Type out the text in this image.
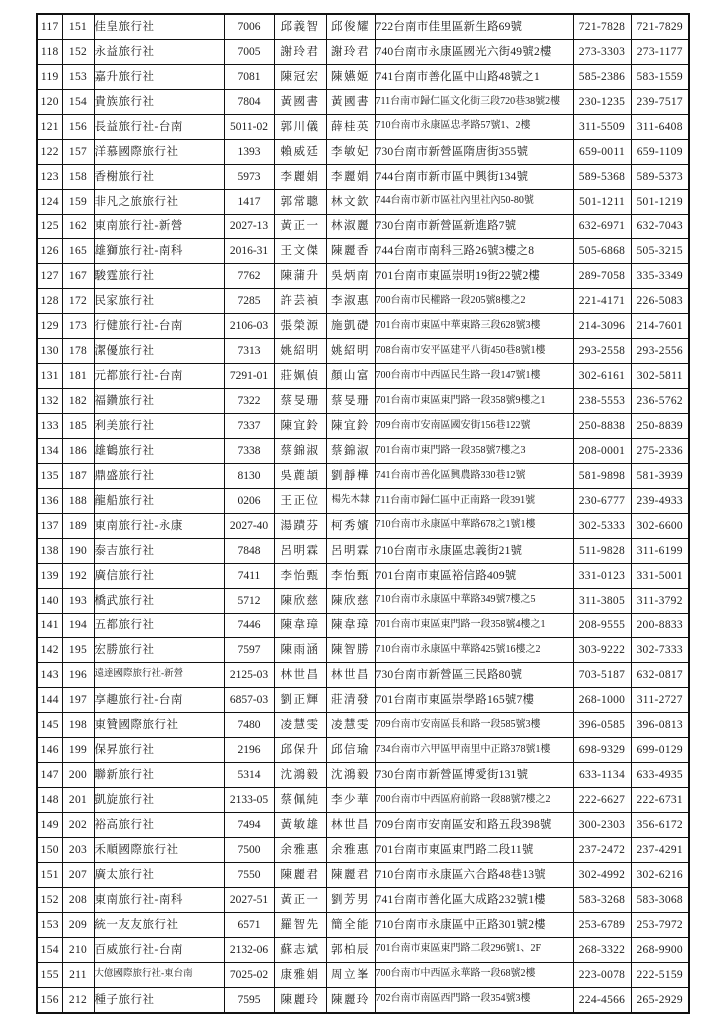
117	151	佳皇旅行社	7006	邱義智	邱俊耀	722台南市佳里區新生路69號	721-7828	721-7829
118	152	永益旅行社	7005	謝玲君	謝玲君	740台南市永康區國光六街49號2樓	273-3303	273-1177
119	153	嘉升旅行社	7081	陳冠宏	陳嬿姬	741台南市善化區中山路48號之1	585-2386	583-1559
120	154	貴族旅行社	7804	黃國書	黃國書	711台南市歸仁區文化街三段720巷38號2樓	230-1235	239-7517
121	156	長益旅行社-台南	5011-02	郭川儀	薛桂英	710台南市永康區忠孝路57號1、2樓	311-5509	311-6408
122	157	洋慕國際旅行社	1393	賴威廷	李敏妃	730台南市新營區隋唐街355號	659-0011	659-1109
123	158	香榭旅行社	5973	李麗娟	李麗娟	744台南市新市區中興街134號	589-5368	589-5373
124	159	非凡之旅旅行社	1417	郭常聰	林文欽	744台南市新市區社內里社內50-80號	501-1211	501-1219
125	162	東南旅行社-新營	2027-13	黃正一	林淑麗	730台南市新營區新進路7號	632-6971	632-7043
126	165	雄獅旅行社-南科	2016-31	王文傑	陳麗香	744台南市南科三路26號3樓之8	505-6868	505-3215
127	167	駿霆旅行社	7762	陳蒲升	吳炳南	701台南市東區崇明19街22號2樓	289-7058	335-3349
128	172	民家旅行社	7285	許芸禎	李淑惠	700台南市民權路一段205號8樓之2	221-4171	226-5083
129	173	行健旅行社-台南	2106-03	張榮源	施凱礎	701台南市東區中華東路三段628號3樓	214-3096	214-7601
130	178	潔優旅行社	7313	姚紹明	姚紹明	708台南市安平區建平八街450巷8號1樓	293-2558	293-2556
131	181	元都旅行社-台南	7291-01	莊姵偵	顏山富	700台南市中西區民生路一段147號1樓	302-6161	302-5811
132	182	福鑽旅行社	7322	蔡旻珊	蔡旻珊	701台南市東區東門路一段358號9樓之1	238-5553	236-5762
133	185	利美旅行社	7337	陳宜鈴	陳宜鈴	709台南市安南區國安街156巷122號	250-8838	250-8839
134	186	雄鶴旅行社	7338	蔡錦淑	蔡錦淑	701台南市東門路一段358號7樓之3	208-0001	275-2336
135	187	鼎盛旅行社	8130	吳蔍頡	劉靜樺	741台南市善化區興農路330巷12號	581-9898	581-3939
136	188	龍船旅行社	0206	王正位	楊先木隸	711台南市歸仁區中正南路一段391號	230-6777	239-4933
137	189	東南旅行社-永康	2027-40	湯蹟芬	柯秀嬪	710台南市永康區中華路678之1號1樓	302-5333	302-6600
138	190	泰吉旅行社	7848	呂明霖	呂明霖	710台南市永康區忠義街21號	511-9828	311-6199
139	192	廣信旅行社	7411	李怡甄	李怡甄	701台南市東區裕信路409號	331-0123	331-5001
140	193	橋武旅行社	5712	陳欣慈	陳欣慈	710台南市永康區中華路349號7樓之5	311-3805	311-3792
141	194	五都旅行社	7446	陳韋璋	陳韋璋	701台南市東區東門路一段358號4樓之1	208-9555	200-8833
142	195	宏勝旅行社	7597	陳雨涵	陳智勝	710台南市永康區中華路425號16樓之2	303-9222	302-7333
143	196	遠達國際旅行社-新營	2125-03	林世昌	林世昌	730台南市新營區三民路80號	703-5187	632-0817
144	197	享趣旅行社-台南	6857-03	劉正輝	莊清發	701台南市東區崇學路165號7樓	268-1000	311-2727
145	198	東贊國際旅行社	7480	凌慧雯	凌慧雯	709台南市安南區長和路一段585號3樓	396-0585	396-0813
146	199	保昇旅行社	2196	邱保升	邱信瑜	734台南市六甲區甲南里中正路378號1樓	698-9329	699-0129
147	200	聯新旅行社	5314	沈鴻毅	沈鴻毅	730台南市新營區博愛街131號	633-1134	633-4935
148	201	凱旋旅行社	2133-05	蔡佩純	李少華	700台南市中西區府前路一段88號7樓之2	222-6627	222-6731
149	202	裕高旅行社	7494	黃敏雄	林世昌	709台南市安南區安和路五段398號	300-2303	356-6172
150	203	禾順國際旅行社	7500	余雅惠	余雅惠	701台南市東區東門路二段11號	237-2472	237-4291
151	207	廣太旅行社	7550	陳麗君	陳麗君	710台南市永康區六合路48巷13號	302-4992	302-6216
152	208	東南旅行社-南科	2027-51	黃正一	劉芳男	741台南市善化區大成路232號1樓	583-3268	583-3068
153	209	統一友友旅行社	6571	羅智先	簡全能	710台南市永康區中正路301號2樓	253-6789	253-7972
154	210	百威旅行社-台南	2132-06	蘇志斌	郭柏辰	701台南市東區東門路二段296號1、2F	268-3322	268-9900
155	211	大億國際旅行社-東台南	7025-02	康雅娟	周立峯	700台南市中西區永華路一段68號2樓	223-0078	222-5159
156	212	種子旅行社	7595	陳麗玲	陳麗玲	702台南市南區西門路一段354號3樓	224-4566	265-2929
